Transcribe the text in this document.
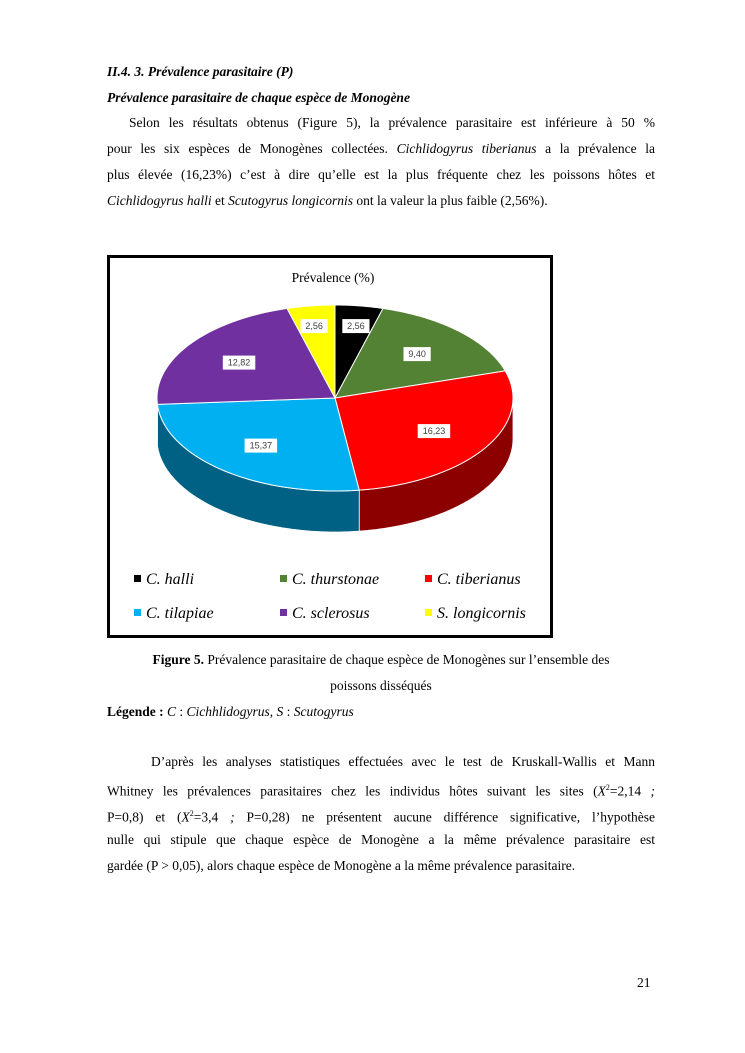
II.4. 3. Prévalence parasitaire (P)
Prévalence parasitaire de chaque espèce de Monogène
Selon les résultats obtenus (Figure 5), la prévalence parasitaire est inférieure à 50 %
pour les six espèces de Monogènes collectées. Cichlidogyrus tiberianus a la prévalence la
plus élevée (16,23%) c’est à dire qu’elle est la plus fréquente chez les poissons hôtes et
Cichlidogyrus halli et Scutogyrus longicornis ont la valeur la plus faible (2,56%).
Prévalence (%)
2,56
9,40
16,23
15,37
12,82
2,56
C. halli	C. thurstonae	C. tiberianus
C. tilapiae	C. sclerosus	S. longicornis
Figure 5. Prévalence parasitaire de chaque espèce de Monogènes sur l’ensemble des
poissons disséqués
Légende : C : Cichhlidogyrus, S : Scutogyrus
D’après les analyses statistiques effectuées avec le test de Kruskall-Wallis et Mann
Whitney les prévalences parasitaires chez les individus hôtes suivant les sites ($X^2=2,14$ ;
P=0,8) et ($X^2=3,4$ ; P=0,28) ne présentent aucune différence significative, l’hypothèse
nulle qui stipule que chaque espèce de Monogène a la même prévalence parasitaire est
gardée (P > 0,05), alors chaque espèce de Monogène a la même prévalence parasitaire.
21
